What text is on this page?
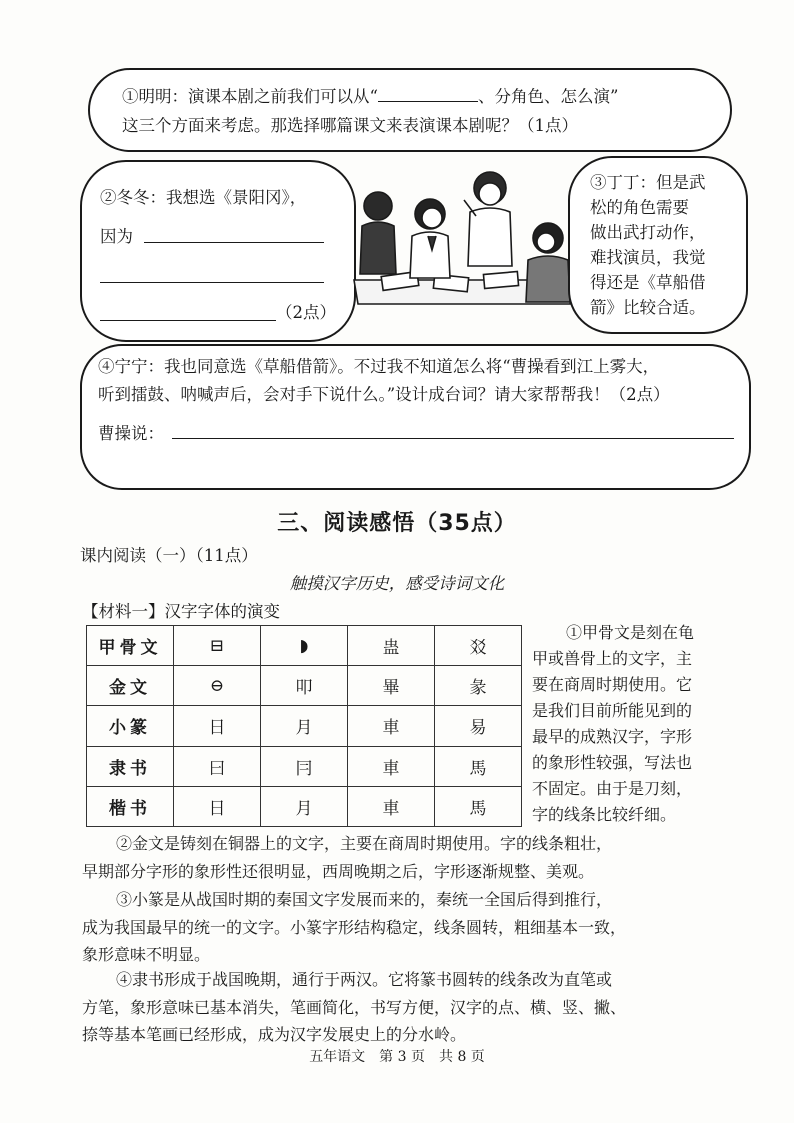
①明明：演课本剧之前我们可以从“	、分角色、怎么演”
这三个方面来考虑。那选择哪篇课文来表演课本剧呢？（1点）
②冬冬：我想选《景阳冈》，
因为
（2点）
③丁丁：但是武
松的角色需要
做出武打动作，
难找演员，我觉
得还是《草船借
箭》比较合适。
④宁宁：我也同意选《草船借箭》。不过我不知道怎么将“曹操看到江上雾大，
听到擂鼓、呐喊声后，会对手下说什么。”设计成台词？请大家帮帮我！（2点）
曹操说：
三、阅读感悟（35点）
课内阅读（一）（11点）
触摸汉字历史，感受诗词文化
【材料一】汉字字体的演变
甲骨文	⊟	◗	蛊	㸚
金文	⊖	叩	畢	彖
小篆	日	月	車	易
隶书	曰	冃	車	馬
楷书	日	月	車	馬
①甲骨文是刻在龟
甲或兽骨上的文字，主
要在商周时期使用。它
是我们目前所能见到的
最早的成熟汉字，字形
的象形性较强，写法也
不固定。由于是刀刻，
字的线条比较纤细。
②金文是铸刻在铜器上的文字，主要在商周时期使用。字的线条粗壮，
早期部分字形的象形性还很明显，西周晚期之后，字形逐渐规整、美观。
③小篆是从战国时期的秦国文字发展而来的，秦统一全国后得到推行，
成为我国最早的统一的文字。小篆字形结构稳定，线条圆转，粗细基本一致，
象形意味不明显。
④隶书形成于战国晚期，通行于两汉。它将篆书圆转的线条改为直笔或
方笔，象形意味已基本消失，笔画简化，书写方便，汉字的点、横、竖、撇、
捺等基本笔画已经形成，成为汉字发展史上的分水岭。
五年语文　第 3 页　共 8 页
